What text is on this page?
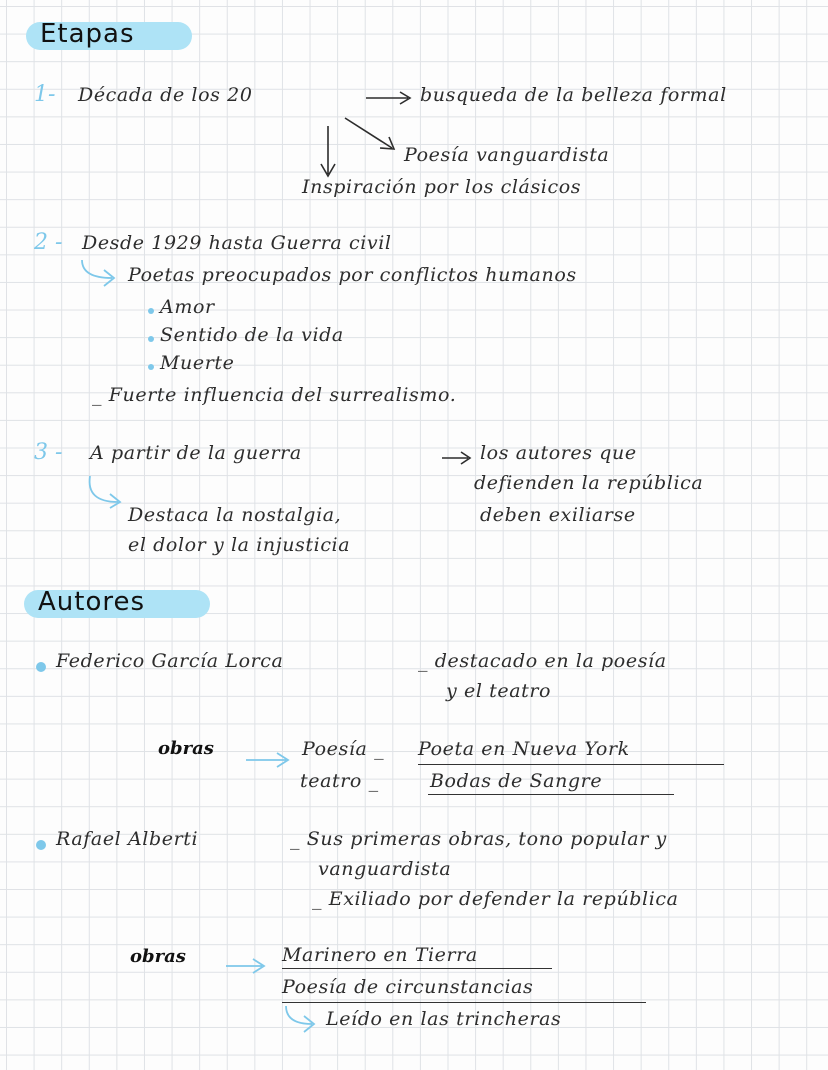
Etapas
1- Década de los 20	busqueda de la belleza formal
Poesía vanguardista
Inspiración por los clásicos
2 - Desde 1929 hasta Guerra civil
Poetas preocupados por conflictos humanos
Amor
Sentido de la vida
Muerte
_ Fuerte influencia del surrealismo.
3 - A partir de la guerra	los autores que
defienden la república
Destaca la nostalgia,	deben exiliarse
el dolor y la injusticia
Autores
Federico García Lorca	_ destacado en la poesía
y el teatro
obras	Poesía _ Poeta en Nueva York
teatro _	Bodas de Sangre
Rafael Alberti	_ Sus primeras obras, tono popular y
vanguardista
_ Exiliado por defender la república
obras	Marinero en Tierra
Poesía de circunstancias
Leído en las trincheras
